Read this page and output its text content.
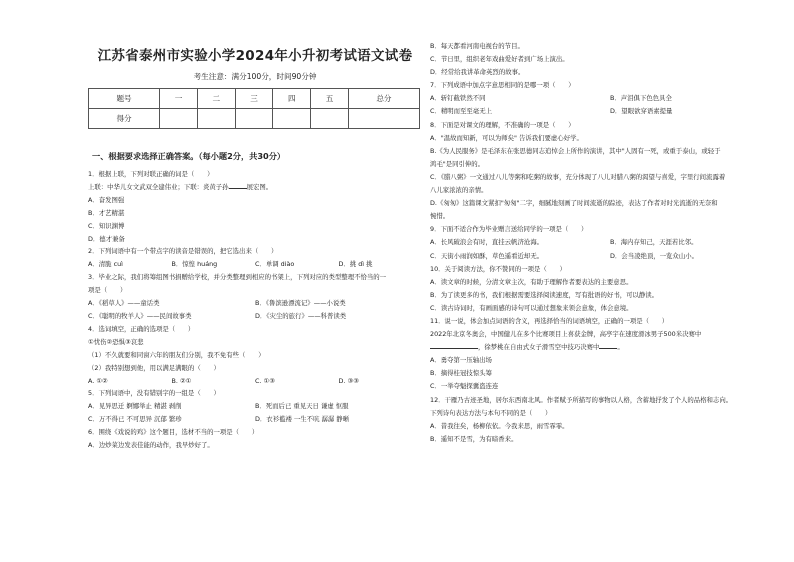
江苏省泰州市实验小学2024年小升初考试语文试卷
考生注意：满分100分，时间90分钟
题号	一	二	三	四	五	总分
得分						
一、根据要求选择正确答案。（每小题2分，共30分）
1．根据上联，下列对联正确的词是（　　）
上联：中华儿女文武双全建伟业；下联：炎黄子孙	展宏图。
A．奋发图强
B．才艺精湛
C．知识渊博
D．德才兼备
2．下列词语中有一个带点字的读音是错误的，把它选出来（　　）
A．清脆 cuì	B．惊惶 huáng	C．单调 diào	D．挑 dì 挑
3．毕业之际，我们将筹组图书捐赠给学校，并分类整理到相应的书架上，下列对应的类型整理不恰当的一
项是（　　）
A．《稻草人》——童话类	B．《鲁滨逊漂流记》——小说类
C．《聪明的牧羊人》——民间故事类	D．《灾尘的旅行》——科普读类
4．选词填空，正确的选项是（　　）
①忧伤②恐惧③哀悲
（1）不久就要和同窗六年的朋友们分别，我不免有些（　　）
（2）我特别想到他，用以满足满眼的（　　）
A. ①②	B. ②①	C. ①③	D. ③③
5．下列词语中，没有错别字的一组是（　　）
A．见异思迁 婀娜举止 精湛 剥削	B．死而后已 重见天日 谦虚 怄服
C．万不得已 不可思异 沉郁 繁珍	D．衣衫褴褛 一生不吭 潺潺 静晰
6．围绕《戏说的鸡》这个题目，选材不当的一项是（　　）
A．边炒菜边发表佳能的动作，我早炒好了。
B．每天都看河南电视台的节目。
C．节日里，组织老年戏曲爱好者到广场上演出。
D．经常给我讲革命英烈的故事。
7．下列成语中加点字意思相同的是哪一项（　　）
A．斩钉截铁然不同	B．声泪俱下色色具全
C．精明而至至毫无上	D．望眼欲穿语素提量
8．下面是对课文的理解，不准确的一项是（　　）
A．"温故而知新，可以为师矣" 告诉我们要虚心好学。
B.《为人民服务》是毛泽东在张思德同志追悼会上所作的演讲，其中"人固有一死，或重于泰山，或轻于
鸿毛"是同引伸的。
C．《腊八粥》一文通过八儿等粥和吃粥的故事，充分体现了八儿对腊八粥的渴望与喜爱，字里行间流露着
八儿家浓浓的亲情。
D.《匆匆》这篇课文紧扣"匆匆"二字，细腻地刻画了时间流逝的踪迹，表达了作者对时光流逝的无奈和
惋惜。
9．下面不适合作为毕业赠言送给同学的一项是（　　）
A．长风破浪会有时，直挂云帆济沧海。	B．海内存知己，天涯若比邻。
C．天街小雨润如酥，草色遥看近却无。	D．会当凌绝顶，一览众山小。
10．关于阅读方法，你不赞同的一项是（　　）
A．读文章的时候，分清文章主次，有助于理解作者要表达的主要意思。
B．为了读更多的书，我们根据需要选择阅读速度，写有批语的好书，可以静读。
C．读古诗词时，有画面感的诗句可以通过想象来领会意象，体会意境。
11．说一说，体会加点词语的含义，再选择恰当的词语填空，正确的一项是（　　）
2022年北京冬奥会，中国健儿在多个比赛项目上喜获金牌，高亭宇在速度滑冰男子500米决赛中
，徐梦桃在自由式女子滑雪空中技巧决赛中	。
A．勇夺第一压轴出场
B．摘得桂冠技惊头筹
C．一举夺魁探囊盗连连
12．干雁乃古迹圣地，居尔东西南北风。作者赋予所描写的事物以人格，含蓄地抒发了个人的品格和志向。
下列诗句表达方法与本句不同的是（　　）
A．昔我往矣，杨柳依依。今我来思，雨雪霏霏。
B．遥知不是雪，为有暗香来。
